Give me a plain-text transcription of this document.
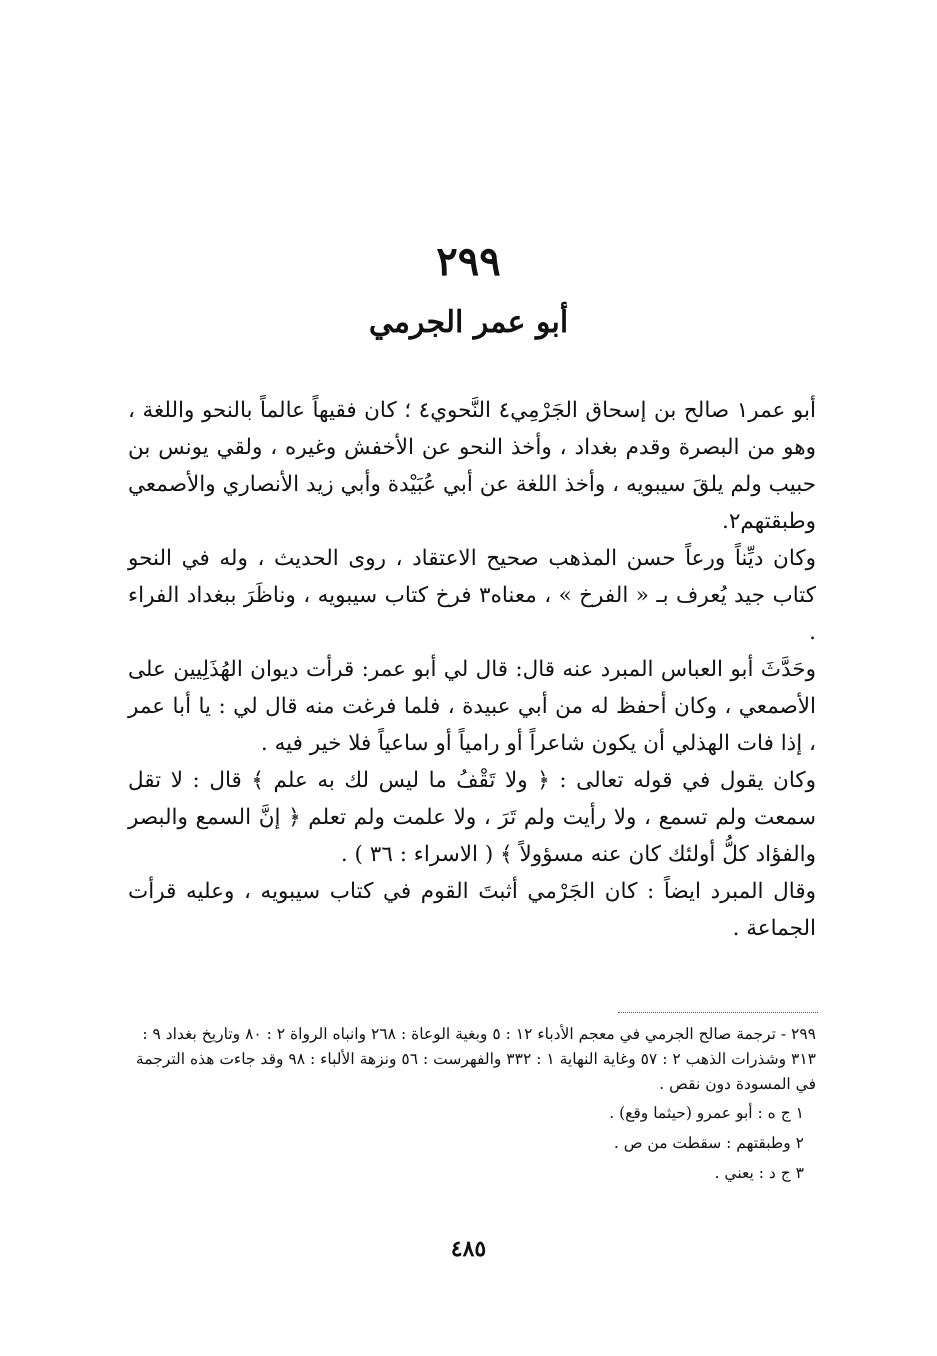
٢٩٩
أبو عمر الجرمي

أبو عمر١ صالح بن إسحاق الجَرْمِي٤ النَّحوي٤ ؛ كان فقيهاً عالماً بالنحو واللغة ، وهو من البصرة وقدم بغداد ، وأخذ النحو عن الأخفش وغيره ، ولقي يونس بن حبيب ولم يلقَ سيبويه ، وأخذ اللغة عن أبي عُبَيْدة وأبي زيد الأنصاري والأصمعي وطبقتهم٢.

وكان ديِّناً ورعاً حسن المذهب صحيح الاعتقاد ، روى الحديث ، وله في النحو كتاب جيد يُعرف بـ « الفرخ » ، معناه٣ فرخ كتاب سيبويه ، وناظَرَ ببغداد الفراء .

وحَدَّثَ أبو العباس المبرد عنه قال: قال لي أبو عمر: قرأت ديوان الهُذَلِيين على الأصمعي ، وكان أحفظ له من أبي عبيدة ، فلما فرغت منه قال لي : يا أبا عمر ، إذا فات الهذلي أن يكون شاعراً أو رامياً أو ساعياً فلا خير فيه .

وكان يقول في قوله تعالى : ﴿ ولا تَقْفُ ما ليس لك به علم ﴾ قال : لا تقل سمعت ولم تسمع ، ولا رأيت ولم تَرَ ، ولا علمت ولم تعلم ﴿ إنَّ السمع والبصر والفؤاد كلُّ أولئك كان عنه مسؤولاً ﴾ ( الاسراء : ٣٦ ) .

وقال المبرد ايضاً : كان الجَرْمي أثبتَ القوم في كتاب سيبويه ، وعليه قرأت الجماعة .

٢٩٩ - ترجمة صالح الجرمي في معجم الأدباء ١٢ : ٥ وبغية الوعاة : ٢٦٨ وانباه الرواة ٢ : ٨٠ وتاريخ بغداد ٩ : ٣١٣ وشذرات الذهب ٢ : ٥٧ وغاية النهاية ١ : ٣٣٢ والفهرست : ٥٦ ونزهة الألباء : ٩٨ وقد جاءت هذه الترجمة في المسودة دون نقص .

١ ج ه : أبو عمرو (حيثما وقع) .

٢ وطبقتهم : سقطت من ص .

٣ ج د : يعني .

٤٨٥
